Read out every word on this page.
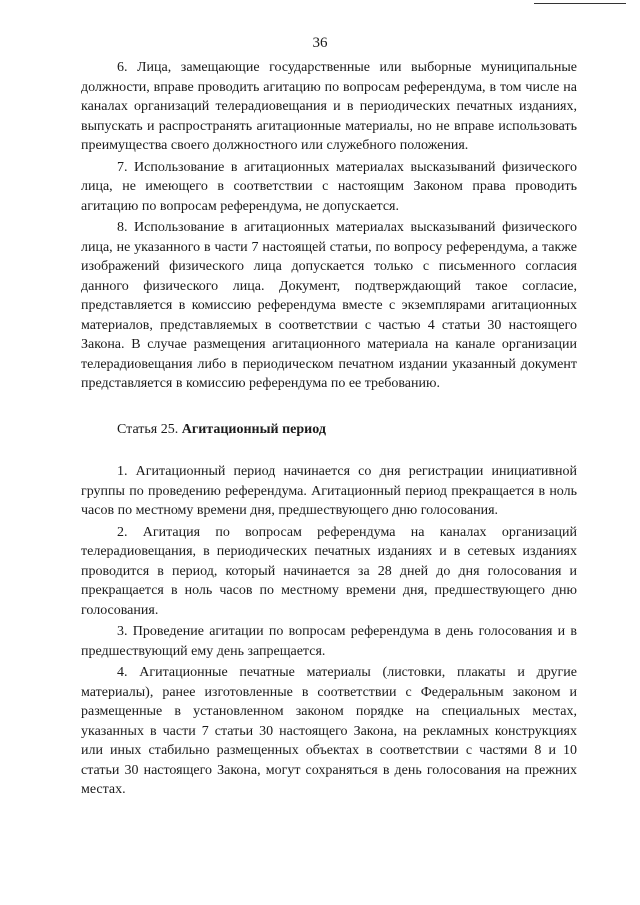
36

6. Лица, замещающие государственные или выборные муниципальные должности, вправе проводить агитацию по вопросам референдума, в том числе на каналах организаций телерадиовещания и в периодических печатных изданиях, выпускать и распространять агитационные материалы, но не вправе использовать преимущества своего должностного или служебного положения.

7. Использование в агитационных материалах высказываний физического лица, не имеющего в соответствии с настоящим Законом права проводить агитацию по вопросам референдума, не допускается.

8. Использование в агитационных материалах высказываний физического лица, не указанного в части 7 настоящей статьи, по вопросу референдума, а также изображений физического лица допускается только с письменного согласия данного физического лица. Документ, подтверждающий такое согласие, представляется в комиссию референдума вместе с экземплярами агитационных материалов, представляемых в соответствии с частью 4 статьи 30 настоящего Закона. В случае размещения агитационного материала на канале организации телерадиовещания либо в периодическом печатном издании указанный документ представляется в комиссию референдума по ее требованию.

Статья 25. Агитационный период

1. Агитационный период начинается со дня регистрации инициативной группы по проведению референдума. Агитационный период прекращается в ноль часов по местному времени дня, предшествующего дню голосования.

2. Агитация по вопросам референдума на каналах организаций телерадиовещания, в периодических печатных изданиях и в сетевых изданиях проводится в период, который начинается за 28 дней до дня голосования и прекращается в ноль часов по местному времени дня, предшествующего дню голосования.

3. Проведение агитации по вопросам референдума в день голосования и в предшествующий ему день запрещается.

4. Агитационные печатные материалы (листовки, плакаты и другие материалы), ранее изготовленные в соответствии с Федеральным законом и размещенные в установленном законом порядке на специальных местах, указанных в части 7 статьи 30 настоящего Закона, на рекламных конструкциях или иных стабильно размещенных объектах в соответствии с частями 8 и 10 статьи 30 настоящего Закона, могут сохраняться в день голосования на прежних местах.
